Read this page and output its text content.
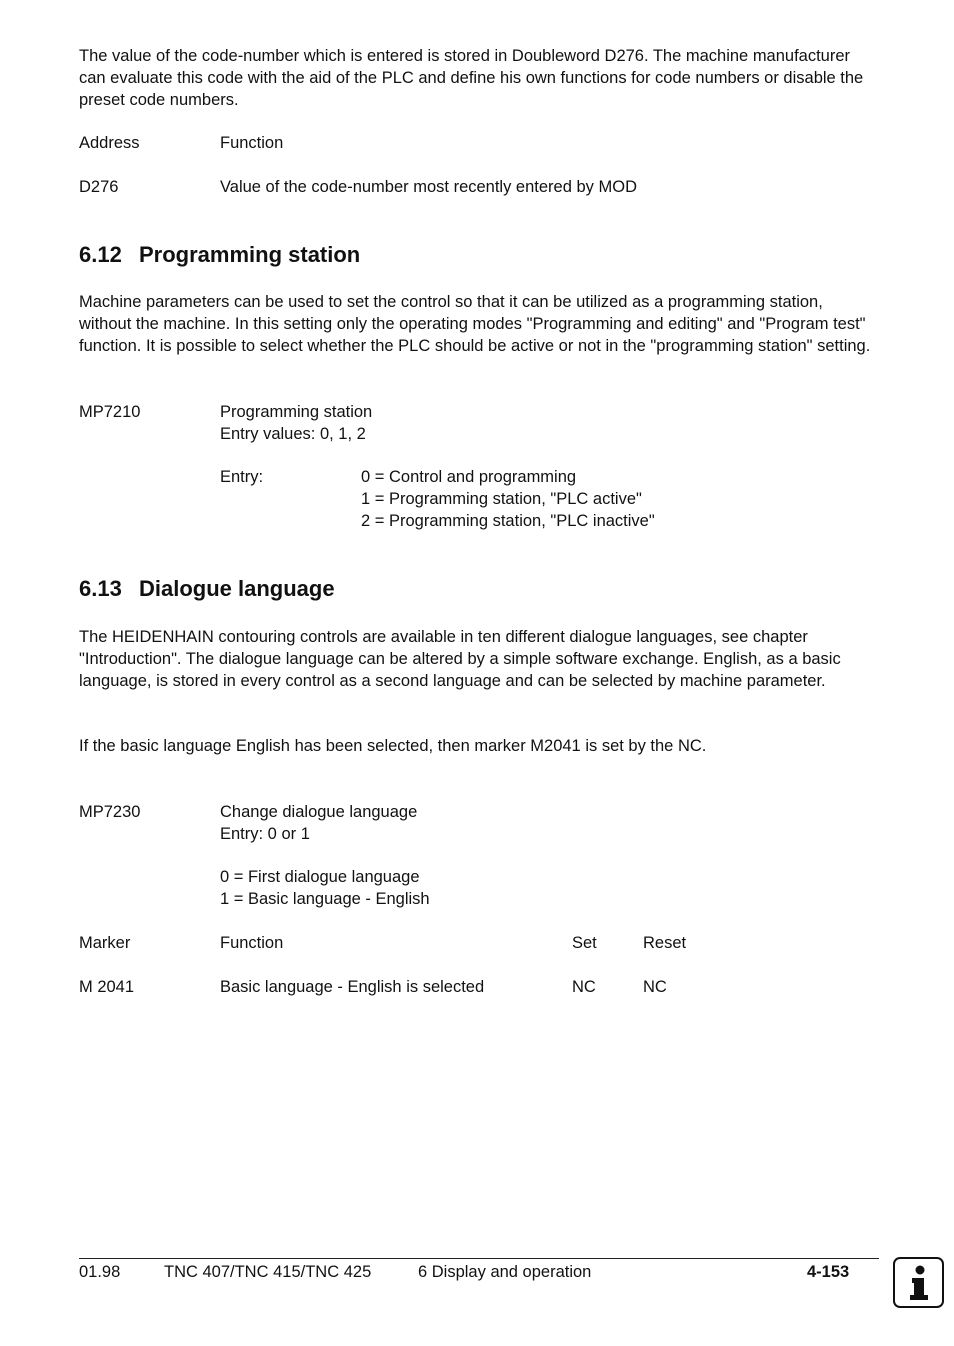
The value of the code-number which is entered is stored in Doubleword D276. The machine manufacturer can evaluate this code with the aid of the PLC and define his own functions for code numbers or disable the preset code numbers.
Address	Function
D276	Value of the code-number most recently entered by MOD
6.12 Programming station
Machine parameters can be used to set the control so that it can be utilized as a programming station, without the machine. In this setting only the operating modes "Programming and editing" and "Program test" function. It is possible to select whether the PLC should be active or not in the "programming station" setting.
MP7210	Programming station
Entry values: 0, 1, 2
Entry:	0 = Control and programming
1 = Programming station, "PLC active"
2 = Programming station, "PLC inactive"
6.13 Dialogue language
The HEIDENHAIN contouring controls are available in ten different dialogue languages, see chapter "Introduction". The dialogue language can be altered by a simple software exchange. English, as a basic language, is stored in every control as a second language and can be selected by machine parameter.
If the basic language English has been selected, then marker M2041 is set by the NC.
MP7230	Change dialogue language
Entry: 0 or 1
0 = First dialogue language
1 = Basic language - English
Marker	Function	Set	Reset
M 2041	Basic language - English is selected	NC	NC
01.98	TNC 407/TNC 415/TNC 425	6 Display and operation	4-153
